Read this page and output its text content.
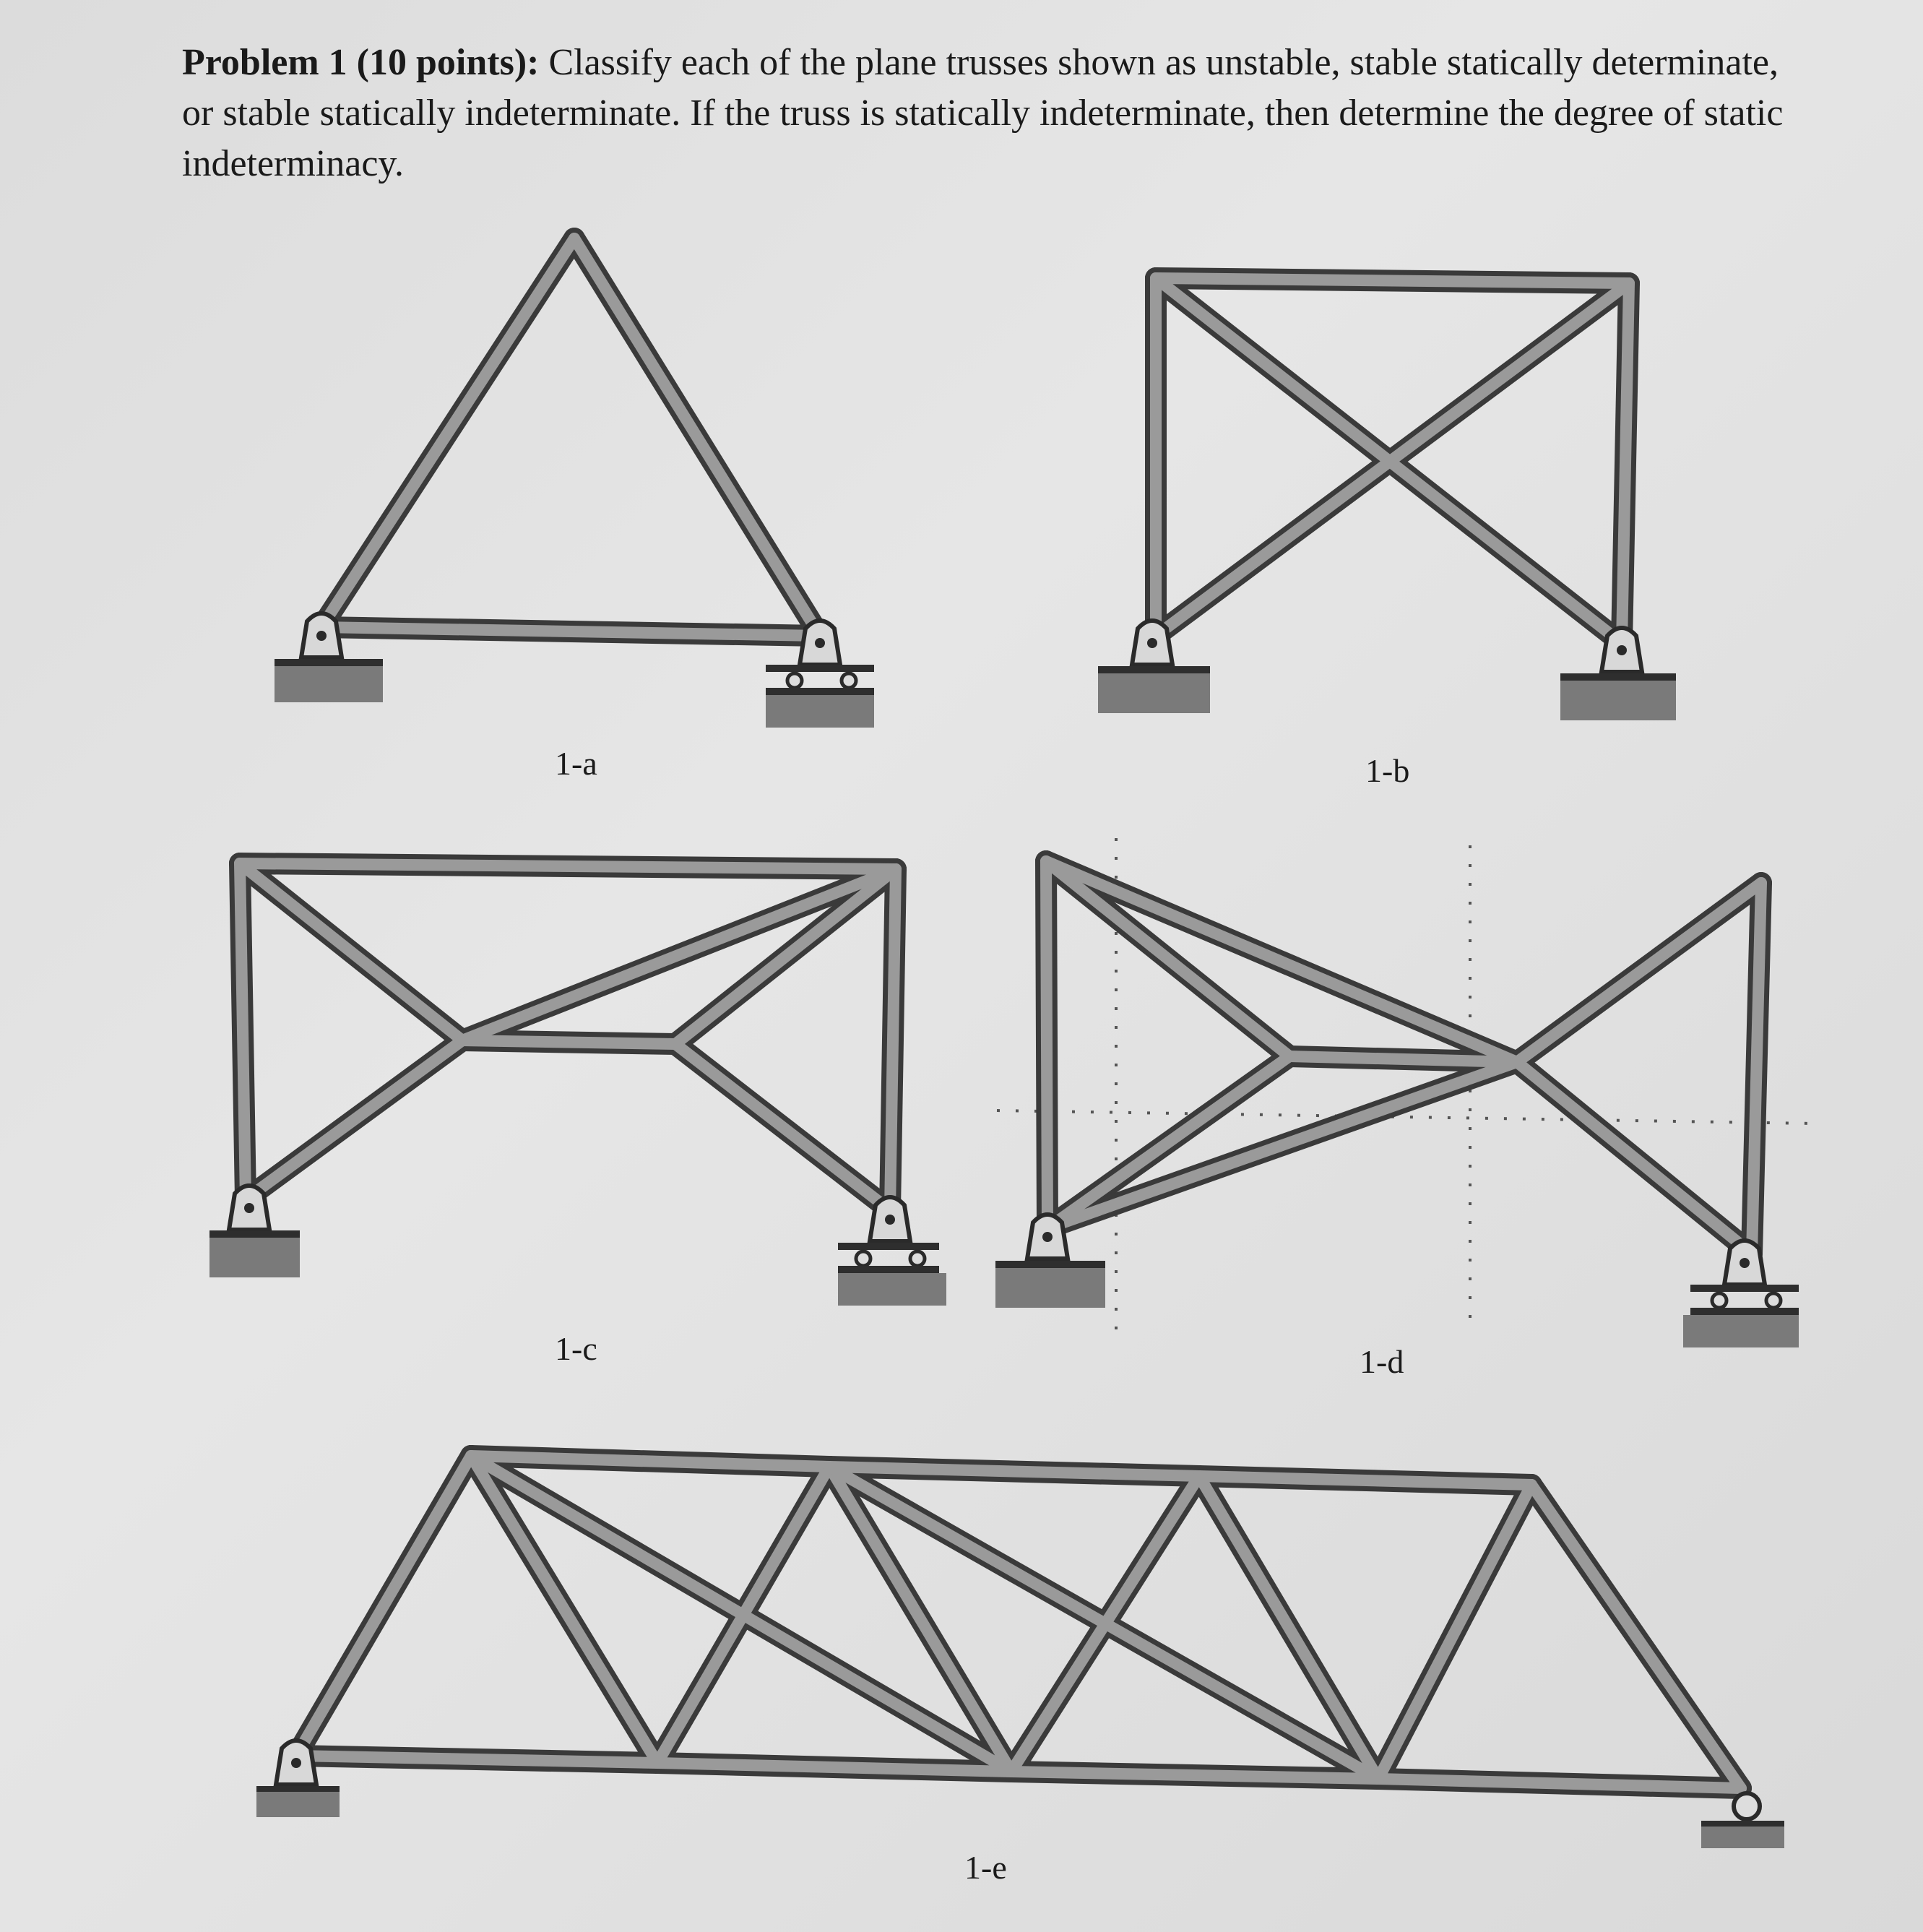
Problem 1 (10 points): Classify each of the plane trusses shown as unstable, stable statically determinate, or stable statically indeterminate. If the truss is statically indeterminate, then determine the degree of static indeterminacy.
1-a	1-b
1-c	1-d
1-e
